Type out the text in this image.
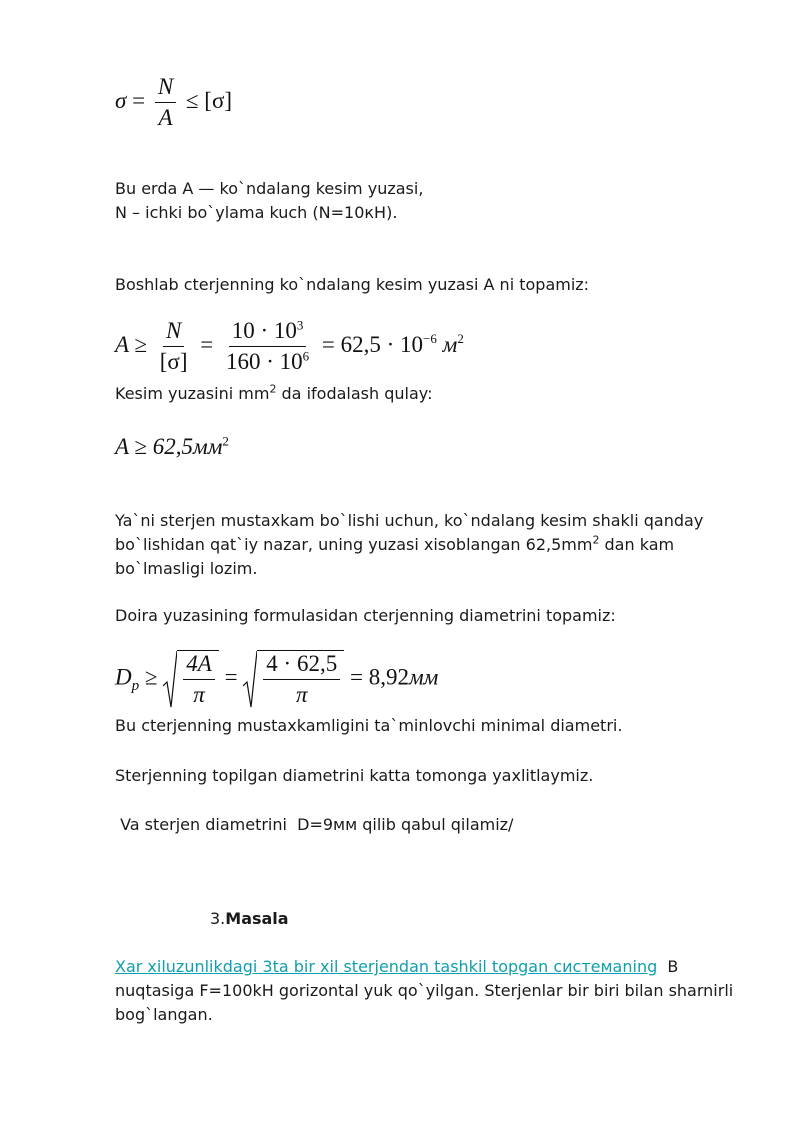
$\sigma = \frac{N}{A} \le [\sigma]$
Bu erda A — ko`ndalang kesim yuzasi,
N – ichki bo`ylama kuch (N=10кН).
Boshlab cterjenning ko`ndalang kesim yuzasi A ni topamiz:
$A \ge \frac{N}{[\sigma]} = \frac{10 \cdot 10^3}{160 \cdot 10^6} = 62,5 \cdot 10^{-6}$ $м^2$
Kesim yuzasini $mm^2$ da ifodalash qulay:
$A \ge 62,5мм^2$
Ya`ni sterjen mustaxkam bo`lishi uchun, ko`ndalang kesim shakli qanday
bo`lishidan qat`iy nazar, uning yuzasi xisoblangan $62,5mm^2$ dan kam
bo`lmasligi lozim.
Doira yuzasining formulasidan cterjenning diametrini topamiz:
$D_p \ge \frac{4A}{\pi} = \frac{4 \cdot 62,5}{\pi} = 8,92мм$
Bu cterjenning mustaxkamligini ta`minlovchi minimal diametri.
Sterjenning topilgan diametrini katta tomonga yaxlitlaymiz.
Va sterjen diametrini  D=9мм qilib qabul qilamiz/
3.Masala
Xar xiluzunlikdagi 3ta bir xil sterjendan tashkil topgan системaning  B
nuqtasiga F=100kH gorizontal yuk qo`yilgan. Sterjenlar bir biri bilan sharnirli
bog`langan.
